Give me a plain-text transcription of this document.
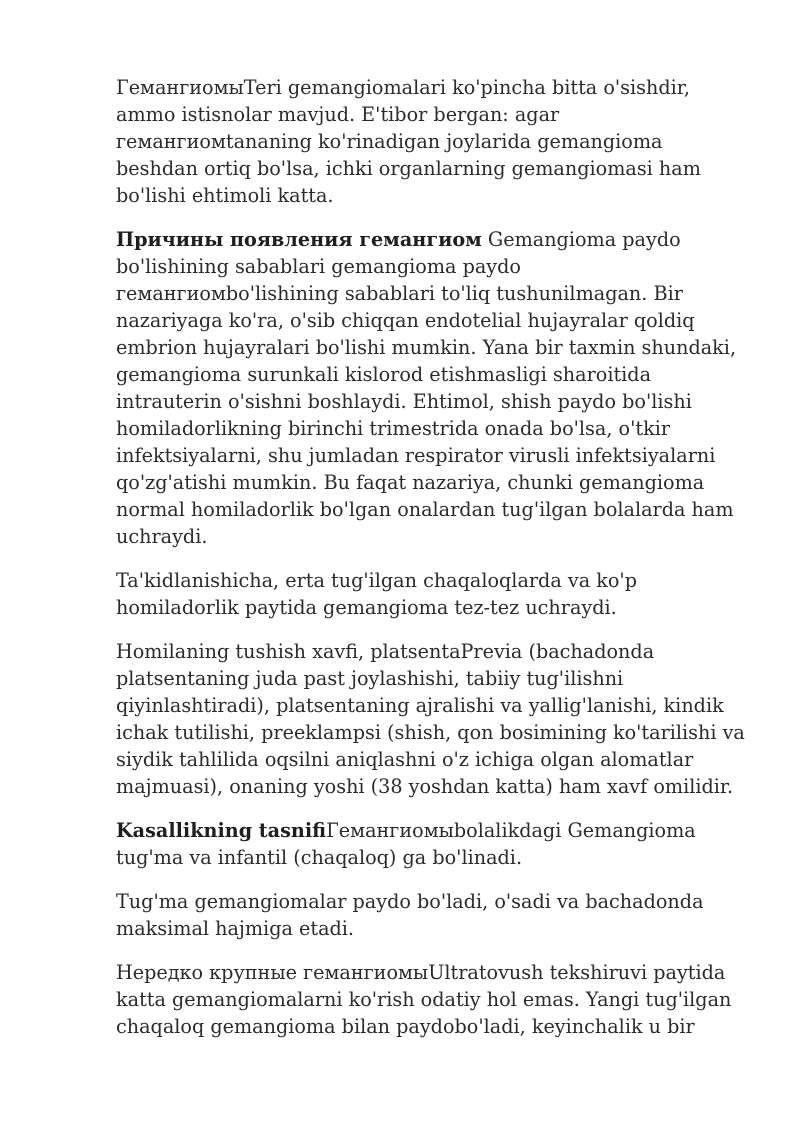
ГемангиомыTeri gemangiomalari ko'pincha bitta o'sishdir,
ammo istisnolar mavjud. E'tibor bergan: agar
гемангиомtananing ko'rinadigan joylarida gemangioma
beshdan ortiq bo'lsa, ichki organlarning gemangiomasi ham
bo'lishi ehtimoli katta.

Причины появления гемангиом Gemangioma paydo
bo'lishining sabablari gemangioma paydo
гемангиомbo'lishining sabablari to'liq tushunilmagan. Bir
nazariyaga ko'ra, o'sib chiqqan endotelial hujayralar qoldiq
embrion hujayralari bo'lishi mumkin. Yana bir taxmin shundaki,
gemangioma surunkali kislorod etishmasligi sharoitida
intrauterin o'sishni boshlaydi. Ehtimol, shish paydo bo'lishi
homiladorlikning birinchi trimestrida onada bo'lsa, o'tkir
infektsiyalarni, shu jumladan respirator virusli infektsiyalarni
qo'zg'atishi mumkin. Bu faqat nazariya, chunki gemangioma
normal homiladorlik bo'lgan onalardan tug'ilgan bolalarda ham
uchraydi.

Ta'kidlanishicha, erta tug'ilgan chaqaloqlarda va ko'p
homiladorlik paytida gemangioma tez-tez uchraydi.

Homilaning tushish xavfi, platsentaPrevia (bachadonda
platsentaning juda past joylashishi, tabiiy tug'ilishni
qiyinlashtiradi), platsentaning ajralishi va yallig'lanishi, kindik
ichak tutilishi, preeklampsi (shish, qon bosimining ko'tarilishi va
siydik tahlilida oqsilni aniqlashni o'z ichiga olgan alomatlar
majmuasi), onaning yoshi (38 yoshdan katta) ham xavf omilidir.

Kasallikning tasnifiГемангиомыbolalikdagi Gemangioma
tug'ma va infantil (chaqaloq) ga bo'linadi.

Tug'ma gemangiomalar paydo bo'ladi, o'sadi va bachadonda
maksimal hajmiga etadi.

Нередко крупные гемангиомыUltratovush tekshiruvi paytida
katta gemangiomalarni ko'rish odatiy hol emas. Yangi tug'ilgan
chaqaloq gemangioma bilan paydobo'ladi, keyinchalik u bir
